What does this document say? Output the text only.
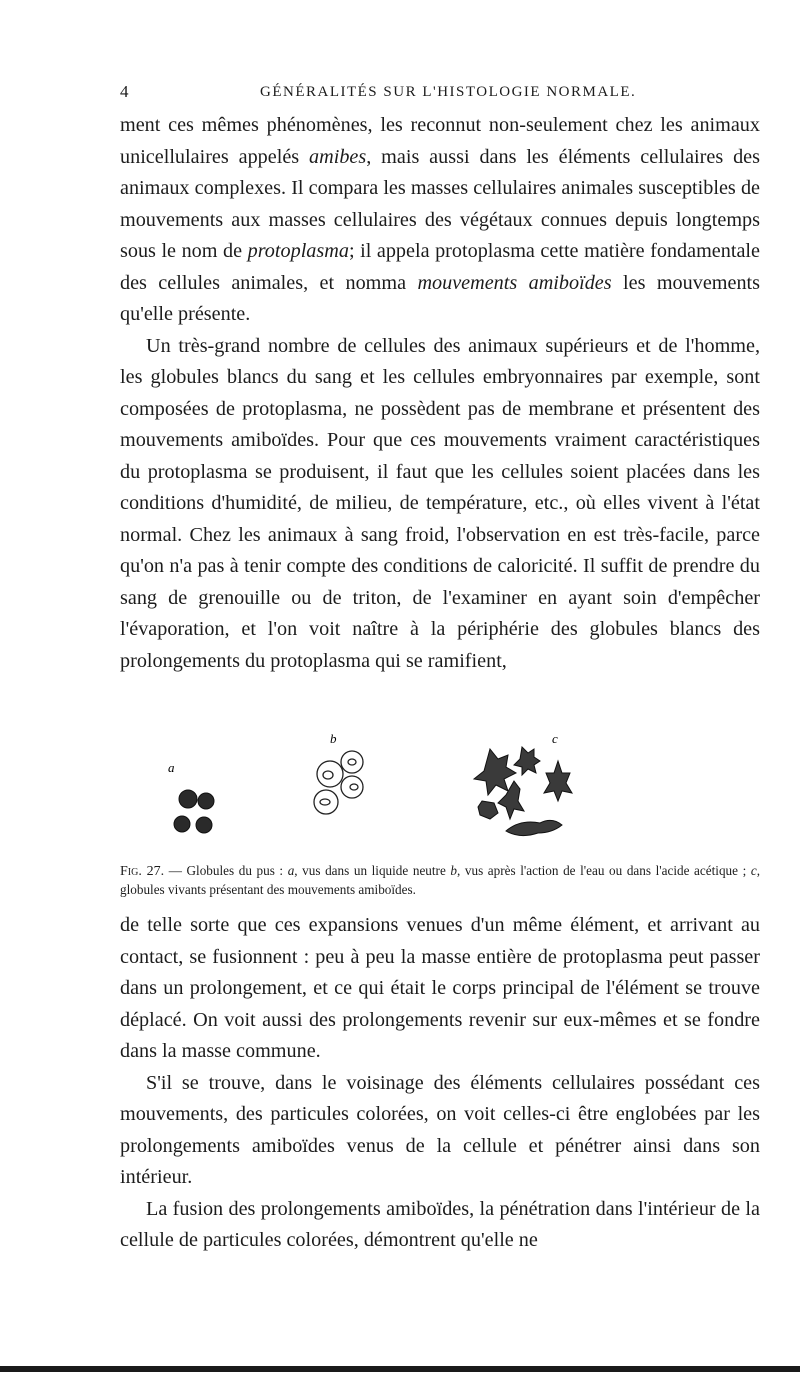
4	GÉNÉRALITÉS SUR L'HISTOLOGIE NORMALE.

ment ces mêmes phénomènes, les reconnut non-seulement chez les animaux unicellulaires appelés amibes, mais aussi dans les éléments cellulaires des animaux complexes. Il compara les masses cellulaires animales susceptibles de mouvements aux masses cellulaires des végétaux connues depuis longtemps sous le nom de protoplasma; il appela protoplasma cette matière fondamentale des cellules animales, et nomma mouvements amiboïdes les mouvements qu'elle présente.

Un très-grand nombre de cellules des animaux supérieurs et de l'homme, les globules blancs du sang et les cellules embryonnaires par exemple, sont composées de protoplasma, ne possèdent pas de membrane et présentent des mouvements amiboïdes. Pour que ces mouvements vraiment caractéristiques du protoplasma se produisent, il faut que les cellules soient placées dans les conditions d'humidité, de milieu, de température, etc., où elles vivent à l'état normal. Chez les animaux à sang froid, l'observation en est très-facile, parce qu'on n'a pas à tenir compte des conditions de caloricité. Il suffit de prendre du sang de grenouille ou de triton, de l'examiner en ayant soin d'empêcher l'évaporation, et l'on voit naître à la périphérie des globules blancs des prolongements du protoplasma qui se ramifient,

a
b	c
Fig. 27. — Globules du pus : a, vus dans un liquide neutre b, vus après l'action de l'eau ou dans l'acide acétique ; c, globules vivants présentant des mouvements amiboïdes.

de telle sorte que ces expansions venues d'un même élément, et arrivant au contact, se fusionnent : peu à peu la masse entière de protoplasma peut passer dans un prolongement, et ce qui était le corps principal de l'élément se trouve déplacé. On voit aussi des prolongements revenir sur eux-mêmes et se fondre dans la masse commune.

S'il se trouve, dans le voisinage des éléments cellulaires possédant ces mouvements, des particules colorées, on voit celles-ci être englobées par les prolongements amiboïdes venus de la cellule et pénétrer ainsi dans son intérieur.

La fusion des prolongements amiboïdes, la pénétration dans l'intérieur de la cellule de particules colorées, démontrent qu'elle ne
